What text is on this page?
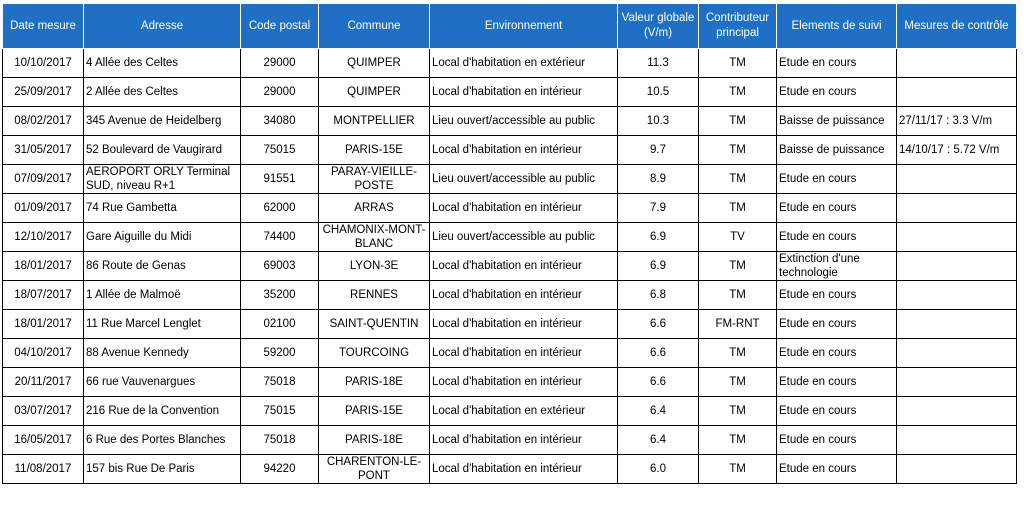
Date mesure	Adresse	Code postal	Commune	Environnement	Valeur globale (V/m)	Contributeur principal	Elements de suivi	Mesures de contrôle
10/10/2017	4 Allée des Celtes	29000	QUIMPER	Local d'habitation en extérieur	11.3	TM	Etude en cours	
25/09/2017	2 Allée des Celtes	29000	QUIMPER	Local d'habitation en intérieur	10.5	TM	Etude en cours	
08/02/2017	345 Avenue de Heidelberg	34080	MONTPELLIER	Lieu ouvert/accessible au public	10.3	TM	Baisse de puissance	27/11/17 : 3.3 V/m
31/05/2017	52 Boulevard de Vaugirard	75015	PARIS-15E	Local d'habitation en intérieur	9.7	TM	Baisse de puissance	14/10/17 : 5.72 V/m
07/09/2017	AEROPORT ORLY Terminal SUD, niveau R+1	91551	PARAY-VIEILLE-POSTE	Lieu ouvert/accessible au public	8.9	TM	Etude en cours	
01/09/2017	74 Rue Gambetta	62000	ARRAS	Local d'habitation en intérieur	7.9	TM	Etude en cours	
12/10/2017	Gare Aiguille du Midi	74400	CHAMONIX-MONT-BLANC	Lieu ouvert/accessible au public	6.9	TV	Etude en cours	
18/01/2017	86 Route de Genas	69003	LYON-3E	Local d'habitation en intérieur	6.9	TM	Extinction d'une technologie	
18/07/2017	1 Allée de Malmoë	35200	RENNES	Local d'habitation en intérieur	6.8	TM	Etude en cours	
18/01/2017	11 Rue Marcel Lenglet	02100	SAINT-QUENTIN	Local d'habitation en intérieur	6.6	FM-RNT	Etude en cours	
04/10/2017	88 Avenue Kennedy	59200	TOURCOING	Local d'habitation en intérieur	6.6	TM	Etude en cours	
20/11/2017	66 rue Vauvenargues	75018	PARIS-18E	Local d'habitation en intérieur	6.6	TM	Etude en cours	
03/07/2017	216 Rue de la Convention	75015	PARIS-15E	Local d'habitation en extérieur	6.4	TM	Etude en cours	
16/05/2017	6 Rue des Portes Blanches	75018	PARIS-18E	Local d'habitation en intérieur	6.4	TM	Etude en cours	
11/08/2017	157 bis Rue De Paris	94220	CHARENTON-LE-PONT	Local d'habitation en intérieur	6.0	TM	Etude en cours	
